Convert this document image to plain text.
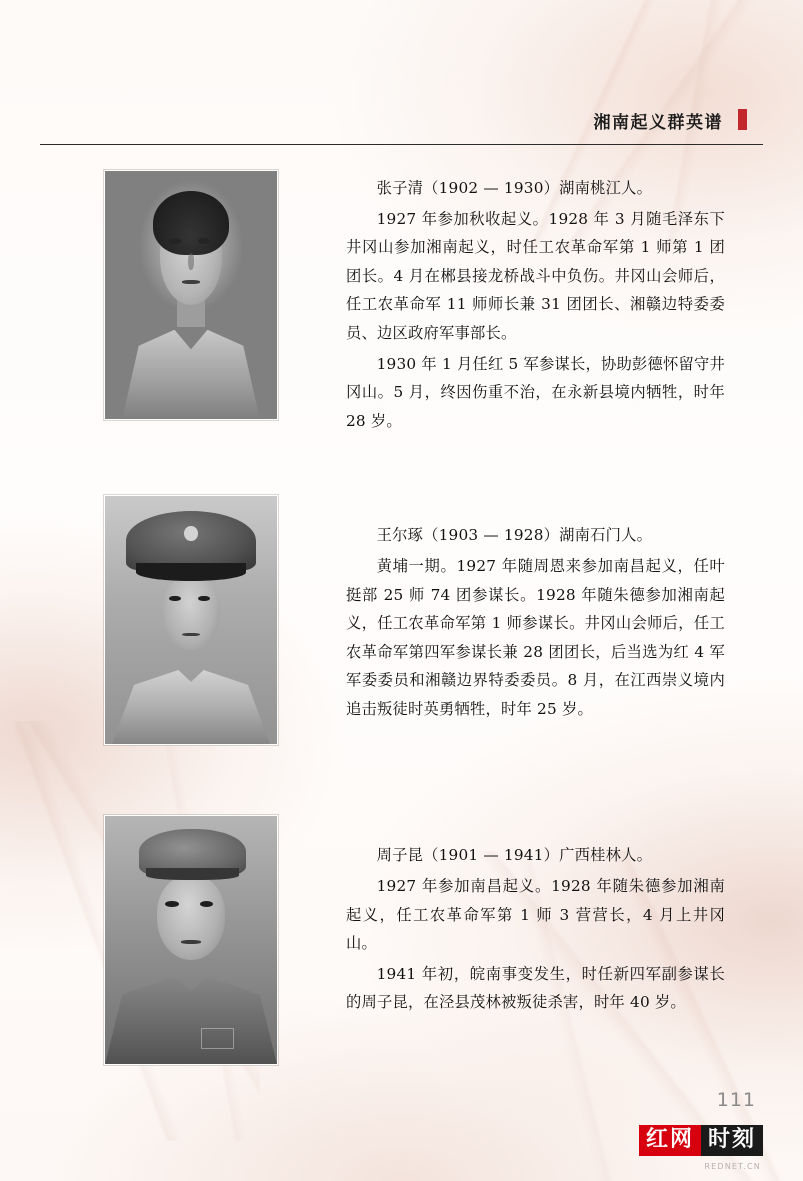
湘南起义群英谱

张子清（1902 — 1930）湖南桃江人。

1927 年参加秋收起义。1928 年 3 月随毛泽东下井冈山参加湘南起义，时任工农革命军第 1 师第 1 团团长。4 月在郴县接龙桥战斗中负伤。井冈山会师后，任工农革命军 11 师师长兼 31 团团长、湘赣边特委委员、边区政府军事部长。

1930 年 1 月任红 5 军参谋长，协助彭德怀留守井冈山。5 月，终因伤重不治，在永新县境内牺牲，时年 28 岁。

王尔琢（1903 — 1928）湖南石门人。

黄埔一期。1927 年随周恩来参加南昌起义，任叶挺部 25 师 74 团参谋长。1928 年随朱德参加湘南起义，任工农革命军第 1 师参谋长。井冈山会师后，任工农革命军第四军参谋长兼 28 团团长，后当选为红 4 军军委委员和湘赣边界特委委员。8 月，在江西崇义境内追击叛徒时英勇牺牲，时年 25 岁。

周子昆（1901 — 1941）广西桂林人。

1927 年参加南昌起义。1928 年随朱德参加湘南起义，任工农革命军第 1 师 3 营营长，4 月上井冈山。

1941 年初，皖南事变发生，时任新四军副参谋长的周子昆，在泾县茂林被叛徒杀害，时年 40 岁。

111
红网 时刻
REDNET.CN
